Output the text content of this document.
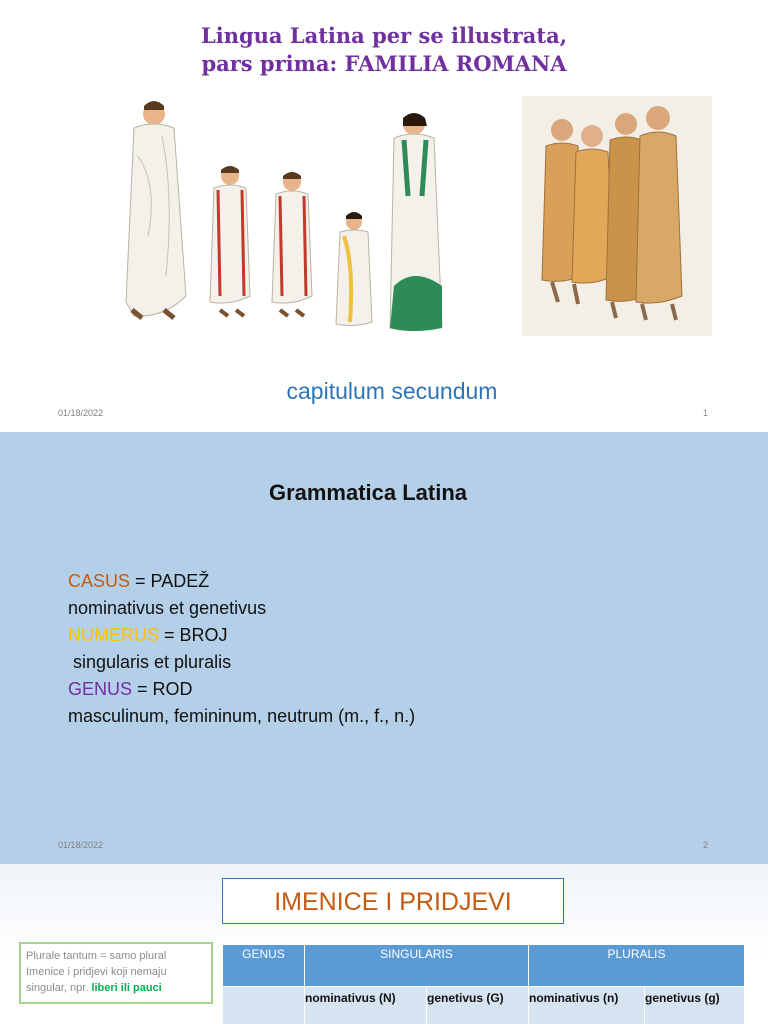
Lingua Latina per se illustrata,
pars prima: FAMILIA ROMANA
capitulum secundum
01/18/2022	1
Grammatica Latina
CASUS = PADEŽ
nominativus et genetivus
NUMERUS = BROJ
singularis et pluralis
GENUS = ROD
masculinum, femininum, neutrum (m., f., n.)
01/18/2022	2
IMENICE I PRIDJEVI
Plurale tantum = samo plural
Imenice i pridjevi koji nemaju
singular, npr. liberi ili pauci
GENUS	SINGULARIS		PLURALIS	
	nominativus (N)	genetivus (G)	nominativus (n)	genetivus (g)
